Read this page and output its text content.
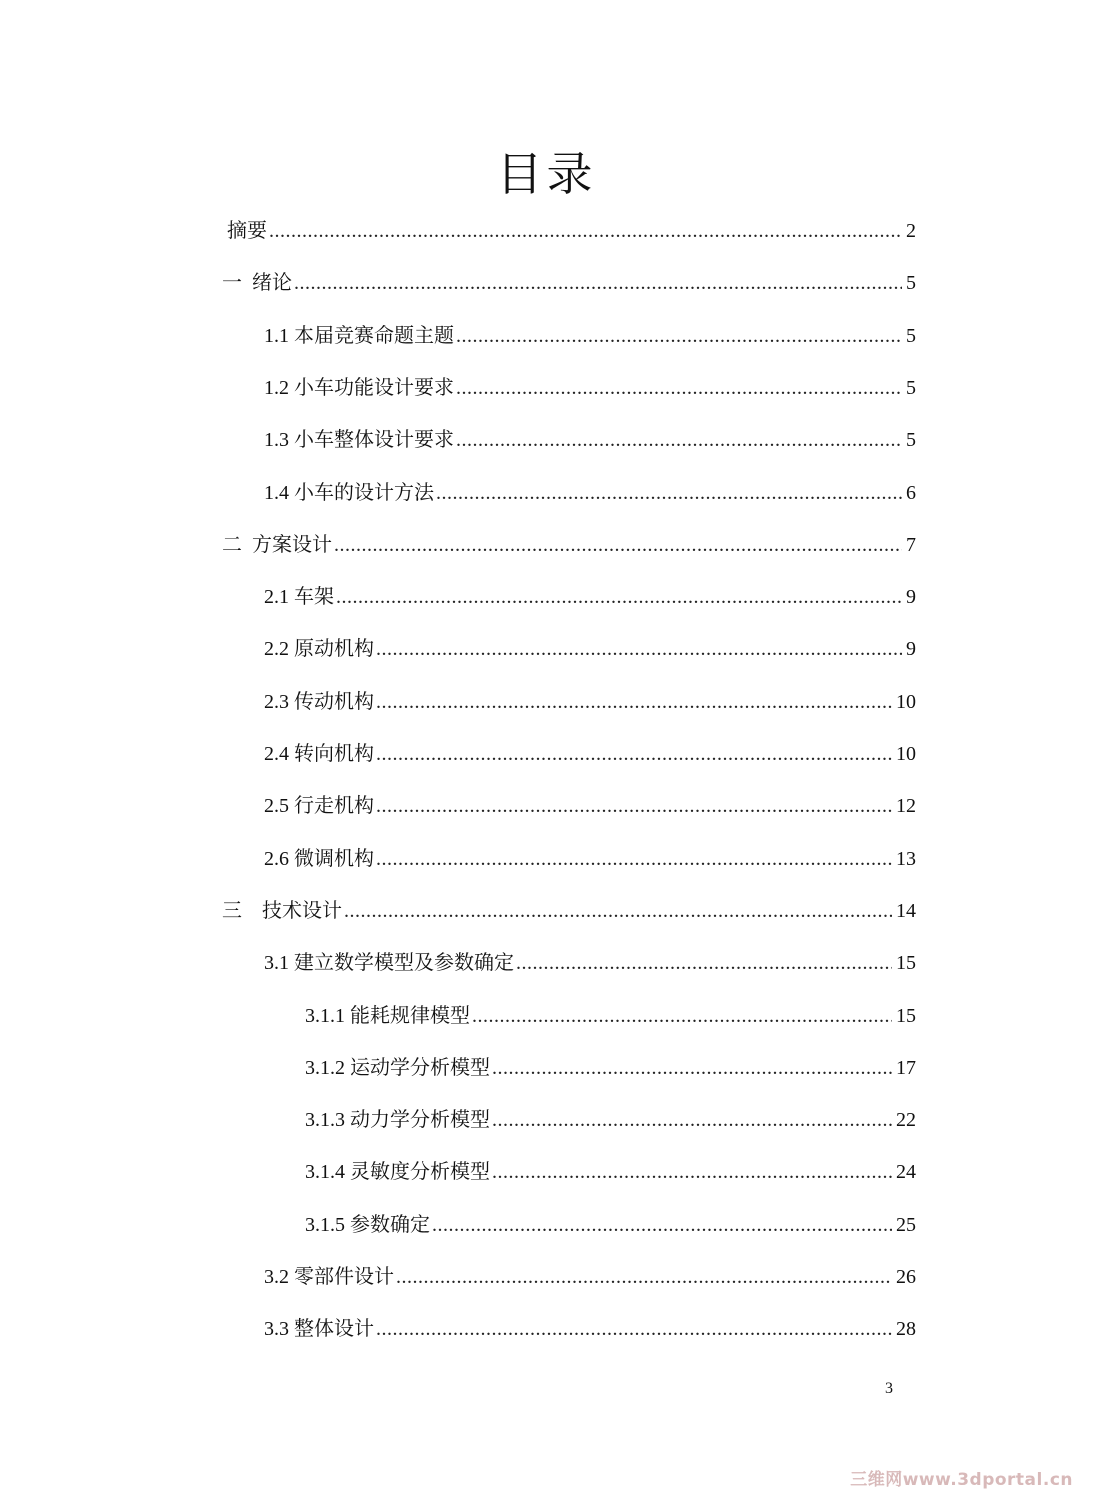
目录
摘要 .....	2
一  绪论 .....	5
1.1 本届竞赛命题主题 .....	5
1.2 小车功能设计要求 .....	5
1.3 小车整体设计要求 .....	5
1.4 小车的设计方法 .....	6
二  方案设计 .....	7
2.1 车架 .....	9
2.2 原动机构 .....	9
2.3 传动机构 .....	10
2.4 转向机构 .....	10
2.5 行走机构 .....	12
2.6 微调机构 .....	13
三    技术设计 .....	14
3.1 建立数学模型及参数确定 .....	15
3.1.1 能耗规律模型 .....	15
3.1.2 运动学分析模型 .....	17
3.1.3 动力学分析模型 .....	22
3.1.4 灵敏度分析模型 .....	24
3.1.5 参数确定 .....	25
3.2 零部件设计 .....	26
3.3 整体设计 .....	28
3
三维网www.3dportal.cn
